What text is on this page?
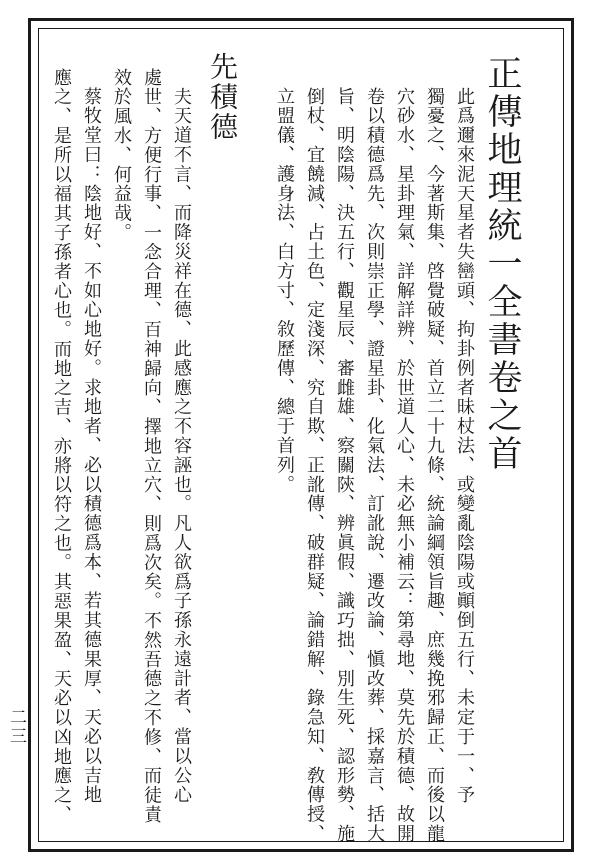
正傳地理統一全書卷之首
此爲邇來泥天星者失巒頭、拘卦例者昧杖法、或變亂陰陽或顚倒五行、未定于一、予
獨憂之、今著斯集、啓覺破疑、首立二十九條、統論綱領旨趣、庶幾挽邪歸正、而後以龍
穴砂水、星卦理氣、詳解詳辨、於世道人心、未必無小補云：第尋地、莫先於積德、故開
卷以積德爲先、次則崇正學、證星卦、化氣法、訂訛說、遷改論、愼改葬、採嘉言、括大
旨、明陰陽、決五行、觀星辰、審雌雄、察關陝、辨眞假、識巧拙、別生死、認形勢、施
倒杖、宜饒減、占土色、定淺深、究自欺、正訛傳、破群疑、論錯解、錄急知、敎傳授、
立盟儀、護身法、白方寸、敘歷傳、總于首列。
先積德
夫天道不言、而降災祥在德、此感應之不容誣也。凡人欲爲子孫永遠計者、當以公心
處世、方便行事、一念合理、百神歸向、擇地立穴、則爲次矣。不然吾德之不修、而徒責
效於風水、何益哉。
蔡牧堂曰：陰地好、不如心地好。求地者、必以積德爲本、若其德果厚、天必以吉地
應之、是所以福其子孫者心也。而地之吉、亦將以符之也。其惡果盈、天必以凶地應之、
二三
